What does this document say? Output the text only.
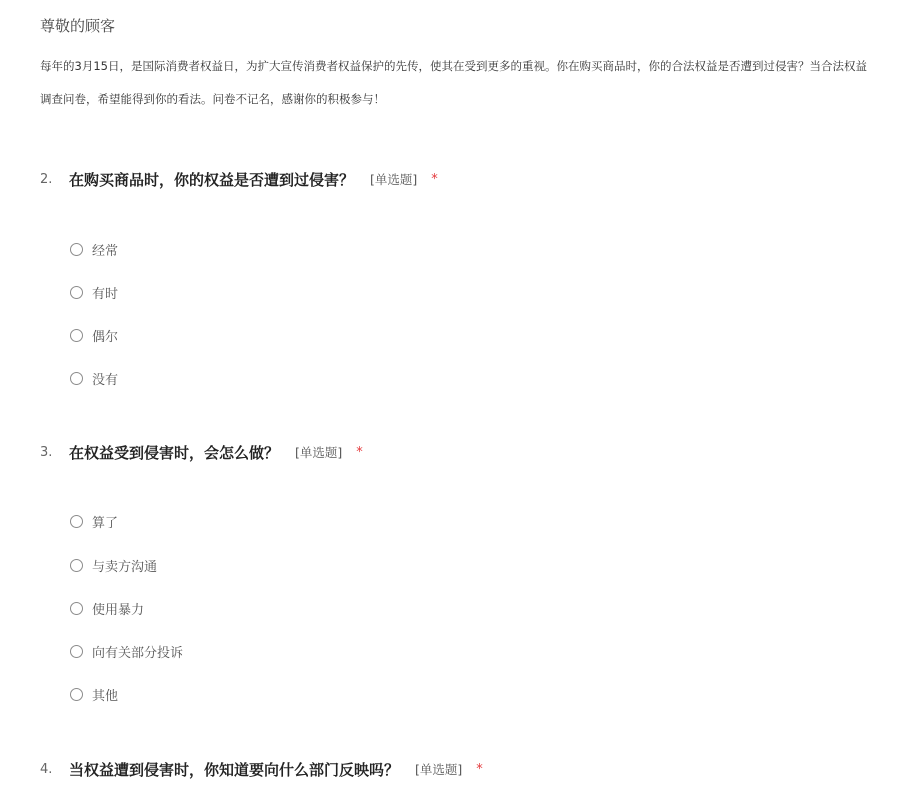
尊敬的顾客
每年的3月15日，是国际消费者权益日，为扩大宣传消费者权益保护的先传，使其在受到更多的重视。你在购买商品时，你的合法权益是否遭到过侵害？当合法权益
调查问卷，希望能得到你的看法。问卷不记名，感谢你的积极参与！
2.	在购买商品时，你的权益是否遭到过侵害？ [单选题] *
经常
有时
偶尔
没有
3.	在权益受到侵害时，会怎么做？ [单选题] *
算了
与卖方沟通
使用暴力
向有关部分投诉
其他
4.	当权益遭到侵害时，你知道要向什么部门反映吗？ [单选题] *
